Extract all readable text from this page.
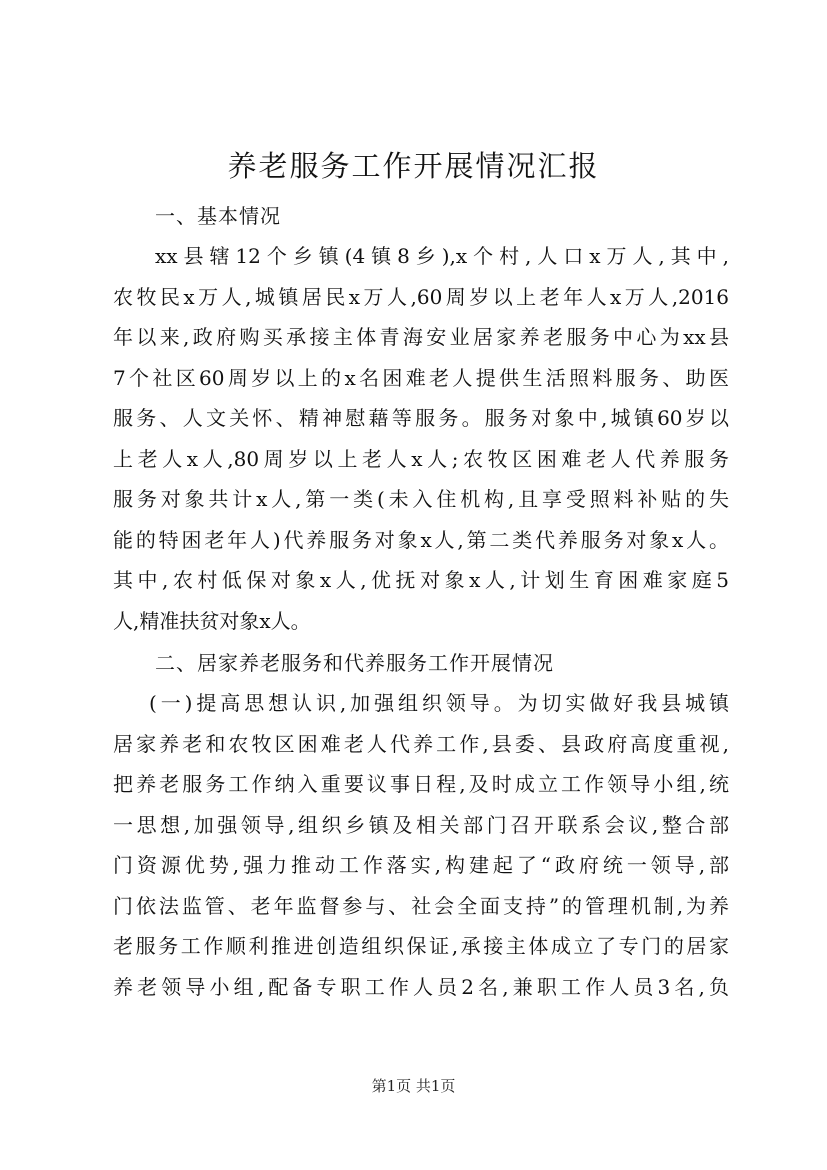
养老服务工作开展情况汇报
一、基本情况
xx县辖12个乡镇(4镇8乡),x个村,人口x万人,其中,
农牧民x万人,城镇居民x万人,60周岁以上老年人x万人,2016
年以来,政府购买承接主体青海安业居家养老服务中心为xx县
7个社区60周岁以上的x名困难老人提供生活照料服务、助医
服务、人文关怀、精神慰藉等服务。服务对象中,城镇60岁以
上老人x人,80周岁以上老人x人;农牧区困难老人代养服务
服务对象共计x人,第一类(未入住机构,且享受照料补贴的失
能的特困老年人)代养服务对象x人,第二类代养服务对象x人。
其中,农村低保对象x人,优抚对象x人,计划生育困难家庭5
人,精准扶贫对象x人。
二、居家养老服务和代养服务工作开展情况
(一)提高思想认识,加强组织领导。为切实做好我县城镇
居家养老和农牧区困难老人代养工作,县委、县政府高度重视,
把养老服务工作纳入重要议事日程,及时成立工作领导小组,统
一思想,加强领导,组织乡镇及相关部门召开联系会议,整合部
门资源优势,强力推动工作落实,构建起了“政府统一领导,部
门依法监管、老年监督参与、社会全面支持”的管理机制,为养
老服务工作顺利推进创造组织保证,承接主体成立了专门的居家
养老领导小组,配备专职工作人员2名,兼职工作人员3名,负
第1页 共1页
